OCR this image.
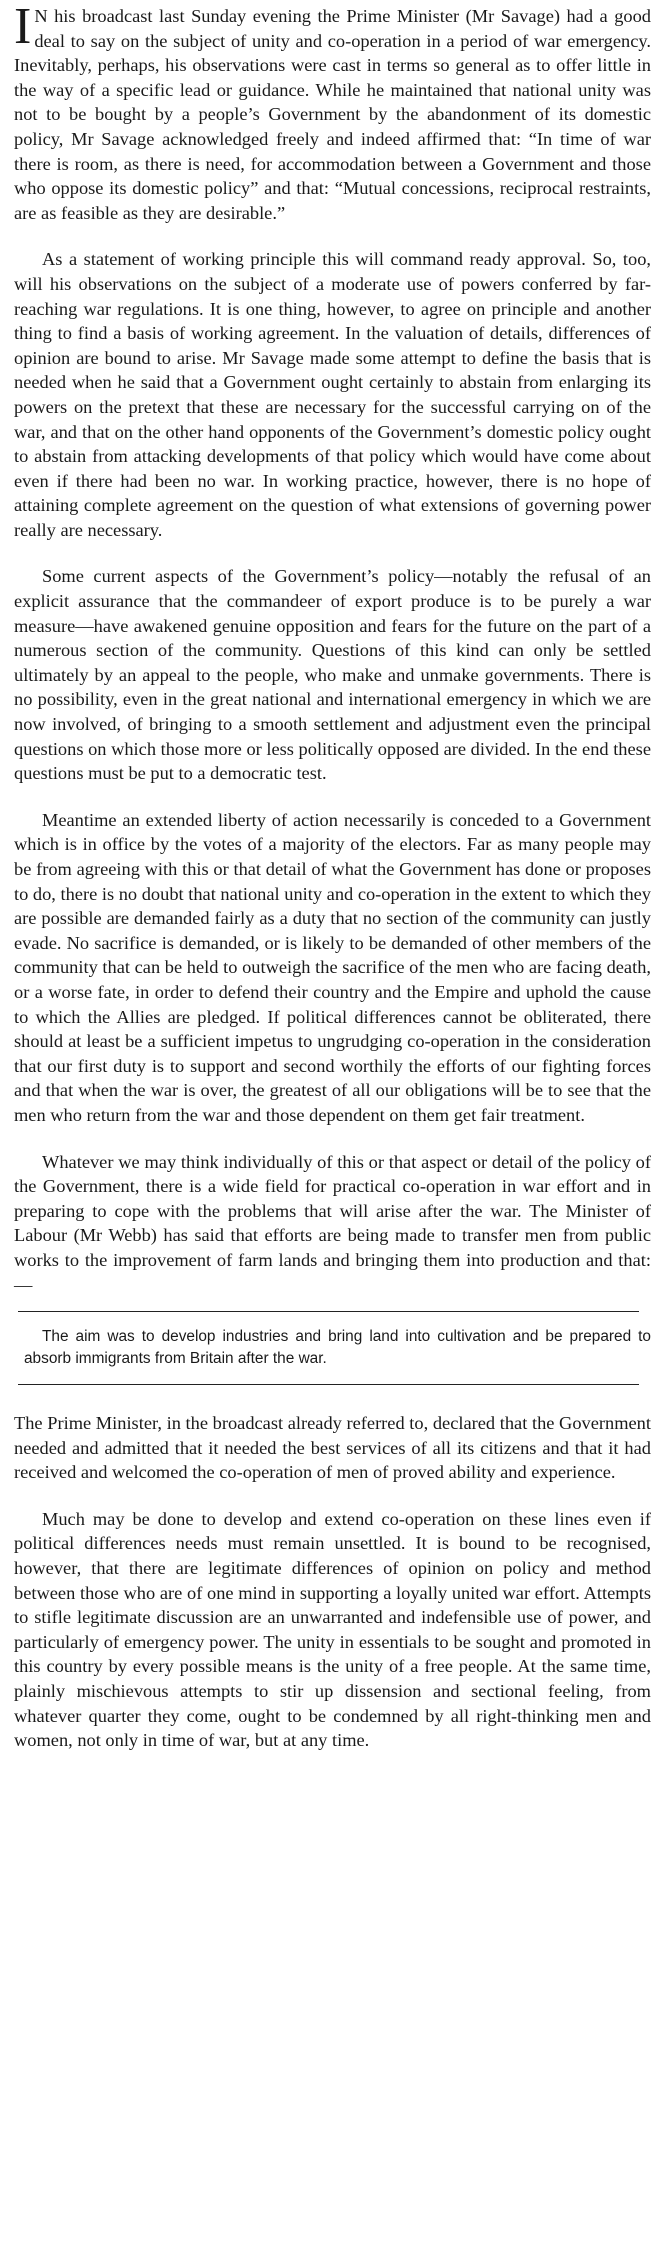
I N his broadcast last Sunday evening the Prime Minister (Mr Savage) had a good deal to say on the subject of unity and co-operation in a period of war emergency. Inevitably, perhaps, his observations were cast in terms so general as to offer little in the way of a specific lead or guidance. While he maintained that national unity was not to be bought by a people’s Government by the abandonment of its domestic policy, Mr Savage acknowledged freely and indeed affirmed that: “In time of war there is room, as there is need, for accommodation between a Government and those who oppose its domestic policy” and that: “Mutual concessions, reciprocal restraints, are as feasible as they are desirable.”

As a statement of working principle this will command ready approval. So, too, will his observations on the subject of a moderate use of powers conferred by far-reaching war regulations. It is one thing, however, to agree on principle and another thing to find a basis of working agreement. In the valuation of details, differences of opinion are bound to arise. Mr Savage made some attempt to define the basis that is needed when he said that a Government ought certainly to abstain from enlarging its powers on the pretext that these are necessary for the successful carrying on of the war, and that on the other hand opponents of the Government’s domestic policy ought to abstain from attacking developments of that policy which would have come about even if there had been no war. In working practice, however, there is no hope of attaining complete agreement on the question of what extensions of governing power really are necessary.

Some current aspects of the Government’s policy—notably the refusal of an explicit assurance that the commandeer of export produce is to be purely a war measure—have awakened genuine opposition and fears for the future on the part of a numerous section of the community. Questions of this kind can only be settled ultimately by an appeal to the people, who make and unmake governments. There is no possibility, even in the great national and international emergency in which we are now involved, of bringing to a smooth settlement and adjustment even the principal questions on which those more or less politically opposed are divided. In the end these questions must be put to a democratic test.

Meantime an extended liberty of action necessarily is conceded to a Government which is in office by the votes of a majority of the electors. Far as many people may be from agreeing with this or that detail of what the Government has done or proposes to do, there is no doubt that national unity and co-operation in the extent to which they are possible are demanded fairly as a duty that no section of the community can justly evade. No sacrifice is demanded, or is likely to be demanded of other members of the community that can be held to outweigh the sacrifice of the men who are facing death, or a worse fate, in order to defend their country and the Empire and uphold the cause to which the Allies are pledged. If political differences cannot be obliterated, there should at least be a sufficient impetus to ungrudging co-operation in the consideration that our first duty is to support and second worthily the efforts of our fighting forces and that when the war is over, the greatest of all our obligations will be to see that the men who return from the war and those dependent on them get fair treatment.

Whatever we may think individually of this or that aspect or detail of the policy of the Government, there is a wide field for practical co-operation in war effort and in preparing to cope with the problems that will arise after the war. The Minister of Labour (Mr Webb) has said that efforts are being made to transfer men from public works to the improvement of farm lands and bringing them into production and that:—

The aim was to develop industries and bring land into cultivation and be prepared to absorb immigrants from Britain after the war.

The Prime Minister, in the broadcast already referred to, declared that the Government needed and admitted that it needed the best services of all its citizens and that it had received and welcomed the co-operation of men of proved ability and experience.

Much may be done to develop and extend co-operation on these lines even if political differences needs must remain unsettled. It is bound to be recognised, however, that there are legitimate differences of opinion on policy and method between those who are of one mind in supporting a loyally united war effort. Attempts to stifle legitimate discussion are an unwarranted and indefensible use of power, and particularly of emergency power. The unity in essentials to be sought and promoted in this country by every possible means is the unity of a free people. At the same time, plainly mischievous attempts to stir up dissension and sectional feeling, from whatever quarter they come, ought to be condemned by all right-thinking men and women, not only in time of war, but at any time.
